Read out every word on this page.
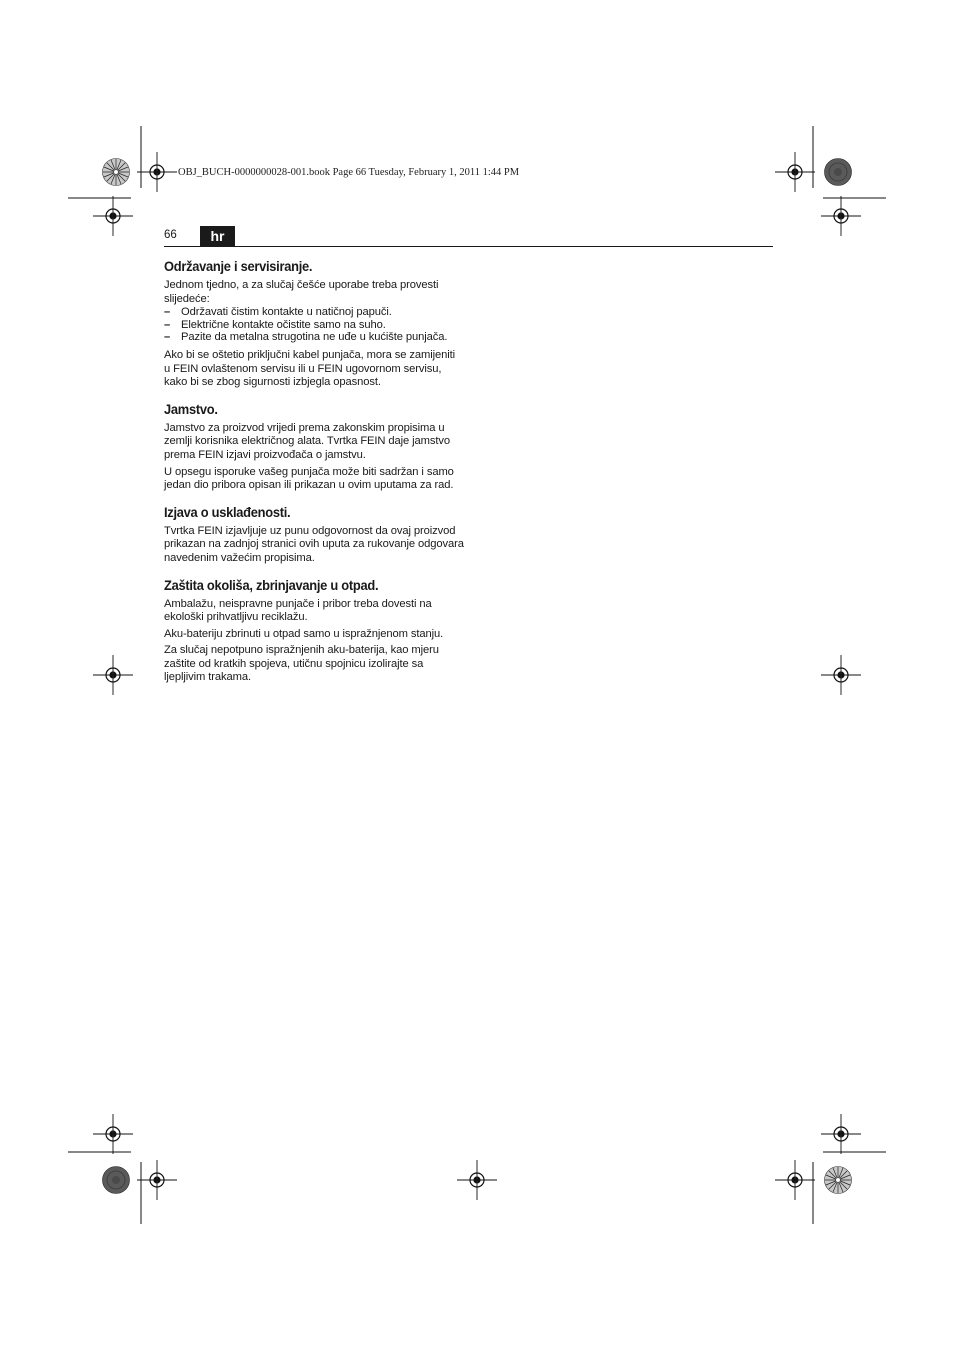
OBJ_BUCH-0000000028-001.book Page 66 Tuesday, February 1, 2011 1:44 PM
66	hr
Održavanje i servisiranje.

Jednom tjedno, a za slučaj češće uporabe treba provesti slijedeće:

– Održavati čistim kontakte u natičnoj papuči.
– Električne kontakte očistite samo na suho.
– Pazite da metalna strugotina ne uđe u kućište punjača.

Ako bi se oštetio priključni kabel punjača, mora se zamijeniti u FEIN ovlaštenom servisu ili u FEIN ugovornom servisu, kako bi se zbog sigurnosti izbjegla opasnost.

Jamstvo.

Jamstvo za proizvod vrijedi prema zakonskim propisima u zemlji korisnika električnog alata. Tvrtka FEIN daje jamstvo prema FEIN izjavi proizvođača o jamstvu.

U opsegu isporuke vašeg punjača može biti sadržan i samo jedan dio pribora opisan ili prikazan u ovim uputama za rad.

Izjava o usklađenosti.

Tvrtka FEIN izjavljuje uz punu odgovornost da ovaj proizvod prikazan na zadnjoj stranici ovih uputa za rukovanje odgovara navedenim važećim propisima.

Zaštita okoliša, zbrinjavanje u otpad.

Ambalažu, neispravne punjače i pribor treba dovesti na ekološki prihvatljivu reciklažu.

Aku-bateriju zbrinuti u otpad samo u ispražnjenom stanju.

Za slučaj nepotpuno ispražnjenih aku-baterija, kao mjeru zaštite od kratkih spojeva, utičnu spojnicu izolirajte sa ljepljivim trakama.
